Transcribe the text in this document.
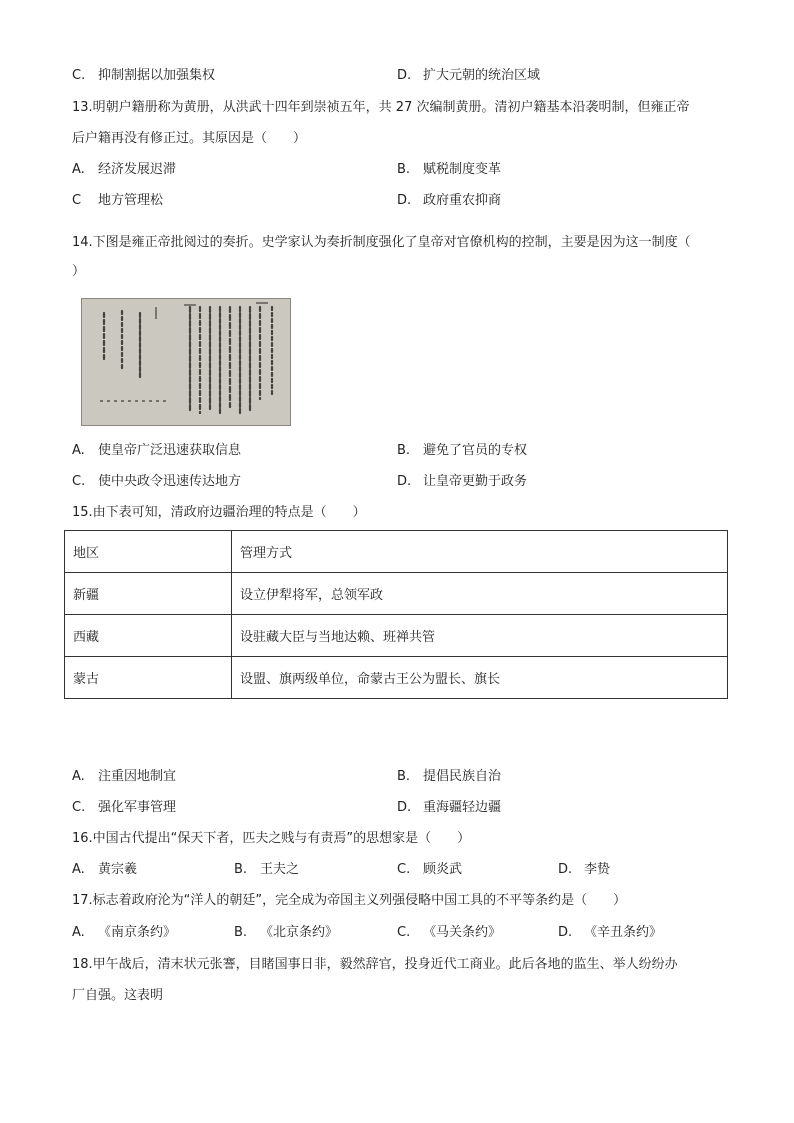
C. 抑制割据以加强集权	D. 扩大元朝的统治区域
13.明朝户籍册称为黄册，从洪武十四年到崇祯五年，共 27 次编制黄册。清初户籍基本沿袭明制，但雍正帝
后户籍再没有修正过。其原因是（　　）
A. 经济发展迟滞	B. 赋税制度变革
C 地方管理松	D. 政府重农抑商
14.下图是雍正帝批阅过的奏折。史学家认为奏折制度强化了皇帝对官僚机构的控制，主要是因为这一制度（
）
A. 使皇帝广泛迅速获取信息	B. 避免了官员的专权
C. 使中央政令迅速传达地方	D. 让皇帝更勤于政务
15.由下表可知，清政府边疆治理的特点是（　　）
地区	管理方式
新疆	设立伊犁将军，总领军政
西藏	设驻藏大臣与当地达赖、班禅共管
蒙古	设盟、旗两级单位，命蒙古王公为盟长、旗长
A. 注重因地制宜	B. 提倡民族自治
C. 强化军事管理	D. 重海疆轻边疆
16.中国古代提出“保天下者，匹夫之贱与有责焉”的思想家是（　　）
A. 黄宗羲	B. 王夫之	C. 顾炎武	D. 李贽
17.标志着政府沦为“洋人的朝廷”，完全成为帝国主义列强侵略中国工具的不平等条约是（　　）
A. 《南京条约》	B. 《北京条约》	C. 《马关条约》	D. 《辛丑条约》
18.甲午战后，清末状元张謇，目睹国事日非，毅然辞官，投身近代工商业。此后各地的监生、举人纷纷办
厂自强。这表明
